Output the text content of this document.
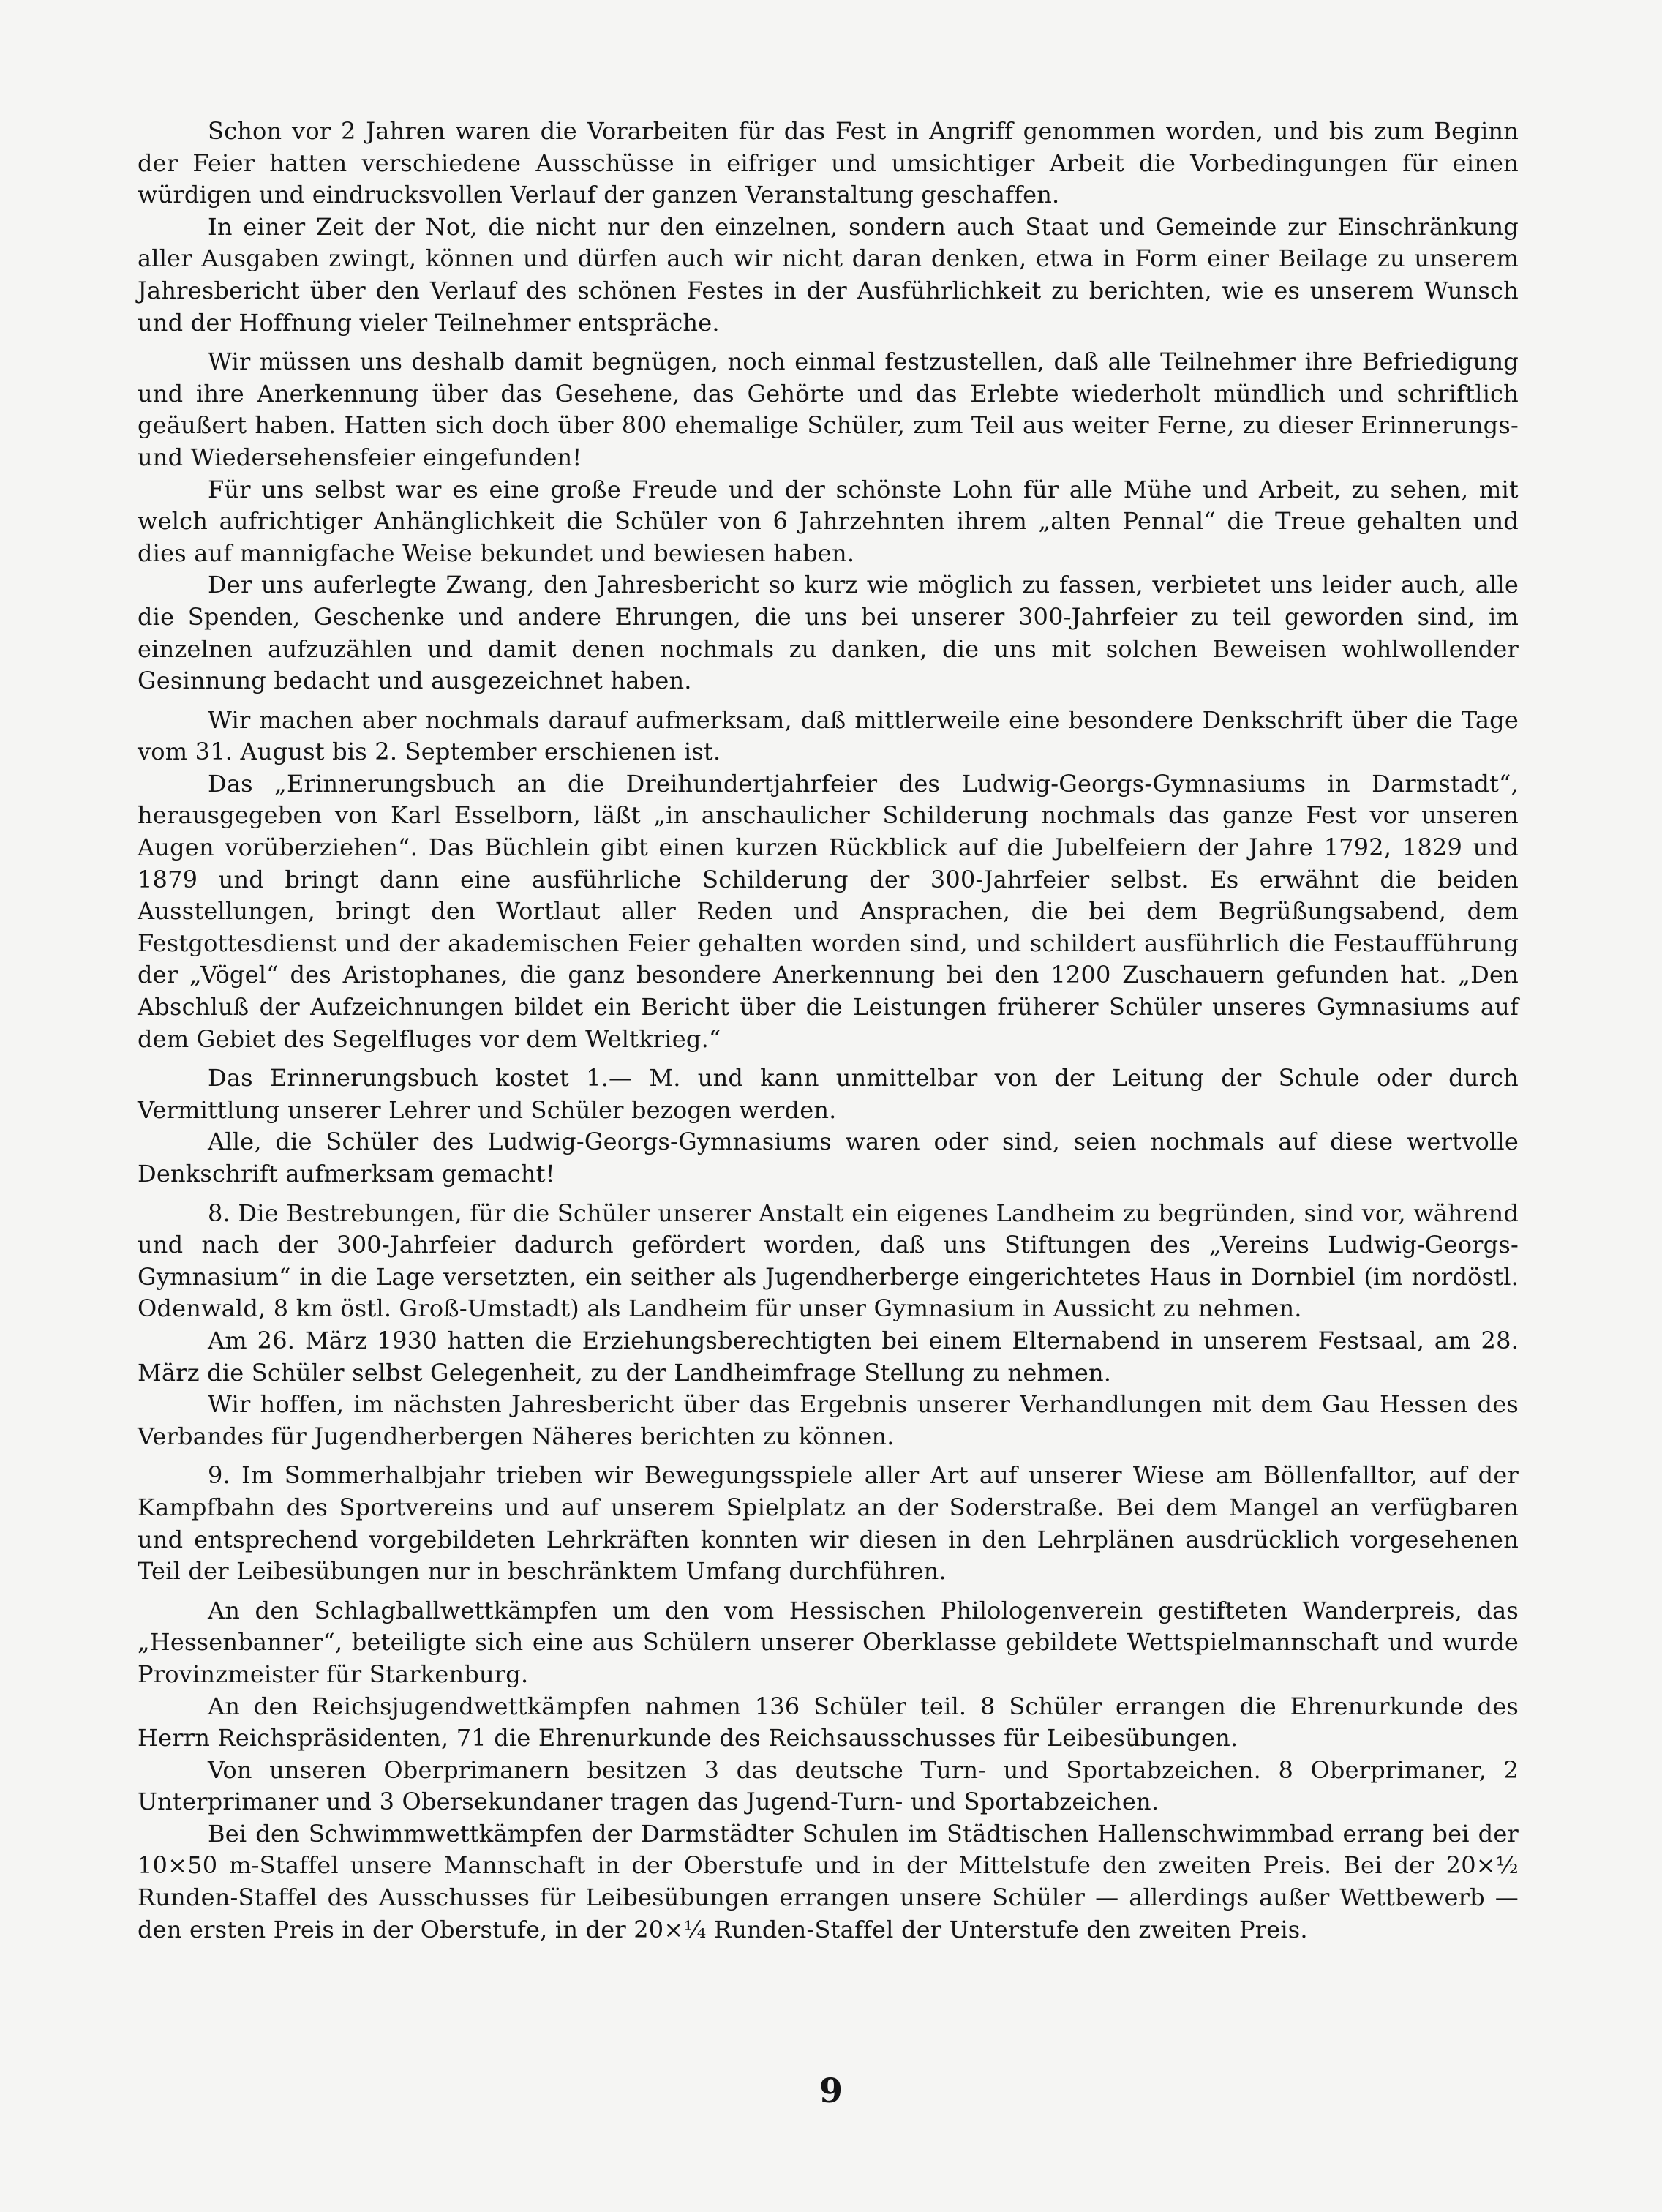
Schon vor 2 Jahren waren die Vorarbeiten für das Fest in Angriff genommen worden, und bis zum Beginn der Feier hatten verschiedene Ausschüsse in eifriger und umsichtiger Arbeit die Vorbedingungen für einen würdigen und eindrucksvollen Verlauf der ganzen Veranstaltung geschaffen.

In einer Zeit der Not, die nicht nur den einzelnen, sondern auch Staat und Gemeinde zur Einschränkung aller Ausgaben zwingt, können und dürfen auch wir nicht daran denken, etwa in Form einer Beilage zu unserem Jahresbericht über den Verlauf des schönen Festes in der Ausführlichkeit zu berichten, wie es unserem Wunsch und der Hoffnung vieler Teilnehmer entspräche.

Wir müssen uns deshalb damit begnügen, noch einmal festzustellen, daß alle Teilnehmer ihre Befriedigung und ihre Anerkennung über das Gesehene, das Gehörte und das Erlebte wiederholt mündlich und schriftlich geäußert haben. Hatten sich doch über 800 ehemalige Schüler, zum Teil aus weiter Ferne, zu dieser Erinnerungs- und Wiedersehensfeier eingefunden!

Für uns selbst war es eine große Freude und der schönste Lohn für alle Mühe und Arbeit, zu sehen, mit welch aufrichtiger Anhänglichkeit die Schüler von 6 Jahrzehnten ihrem „alten Pennal“ die Treue gehalten und dies auf mannigfache Weise bekundet und bewiesen haben.

Der uns auferlegte Zwang, den Jahresbericht so kurz wie möglich zu fassen, verbietet uns leider auch, alle die Spenden, Geschenke und andere Ehrungen, die uns bei unserer 300-Jahrfeier zu teil geworden sind, im einzelnen aufzuzählen und damit denen nochmals zu danken, die uns mit solchen Beweisen wohlwollender Gesinnung bedacht und ausgezeichnet haben.

Wir machen aber nochmals darauf aufmerksam, daß mittlerweile eine besondere Denkschrift über die Tage vom 31. August bis 2. September erschienen ist.

Das „Erinnerungsbuch an die Dreihundertjahrfeier des Ludwig-Georgs-Gymnasiums in Darmstadt“, herausgegeben von Karl Esselborn, läßt „in anschaulicher Schilderung nochmals das ganze Fest vor unseren Augen vorüberziehen“. Das Büchlein gibt einen kurzen Rückblick auf die Jubelfeiern der Jahre 1792, 1829 und 1879 und bringt dann eine ausführliche Schilderung der 300-Jahrfeier selbst. Es erwähnt die beiden Ausstellungen, bringt den Wortlaut aller Reden und Ansprachen, die bei dem Begrüßungsabend, dem Festgottesdienst und der akademischen Feier gehalten worden sind, und schildert ausführlich die Festaufführung der „Vögel“ des Aristophanes, die ganz besondere Anerkennung bei den 1200 Zuschauern gefunden hat. „Den Abschluß der Aufzeichnungen bildet ein Bericht über die Leistungen früherer Schüler unseres Gymnasiums auf dem Gebiet des Segelfluges vor dem Weltkrieg.“

Das Erinnerungsbuch kostet 1.— M. und kann unmittelbar von der Leitung der Schule oder durch Vermittlung unserer Lehrer und Schüler bezogen werden.

Alle, die Schüler des Ludwig-Georgs-Gymnasiums waren oder sind, seien nochmals auf diese wertvolle Denkschrift aufmerksam gemacht!

8. Die Bestrebungen, für die Schüler unserer Anstalt ein eigenes Landheim zu begründen, sind vor, während und nach der 300-Jahrfeier dadurch gefördert worden, daß uns Stiftungen des „Vereins Ludwig-Georgs-Gymnasium“ in die Lage versetzten, ein seither als Jugendherberge eingerichtetes Haus in Dornbiel (im nordöstl. Odenwald, 8 km östl. Groß-Umstadt) als Landheim für unser Gymnasium in Aussicht zu nehmen.

Am 26. März 1930 hatten die Erziehungsberechtigten bei einem Elternabend in unserem Festsaal, am 28. März die Schüler selbst Gelegenheit, zu der Landheimfrage Stellung zu nehmen.

Wir hoffen, im nächsten Jahresbericht über das Ergebnis unserer Verhandlungen mit dem Gau Hessen des Verbandes für Jugendherbergen Näheres berichten zu können.

9. Im Sommerhalbjahr trieben wir Bewegungsspiele aller Art auf unserer Wiese am Böllenfalltor, auf der Kampfbahn des Sportvereins und auf unserem Spielplatz an der Soderstraße. Bei dem Mangel an verfügbaren und entsprechend vorgebildeten Lehrkräften konnten wir diesen in den Lehrplänen ausdrücklich vorgesehenen Teil der Leibesübungen nur in beschränktem Umfang durchführen.

An den Schlagballwettkämpfen um den vom Hessischen Philologenverein gestifteten Wanderpreis, das „Hessenbanner“, beteiligte sich eine aus Schülern unserer Oberklasse gebildete Wettspielmannschaft und wurde Provinzmeister für Starkenburg.

An den Reichsjugendwettkämpfen nahmen 136 Schüler teil. 8 Schüler errangen die Ehrenurkunde des Herrn Reichspräsidenten, 71 die Ehrenurkunde des Reichsausschusses für Leibesübungen.

Von unseren Oberprimanern besitzen 3 das deutsche Turn- und Sportabzeichen. 8 Oberprimaner, 2 Unterprimaner und 3 Obersekundaner tragen das Jugend-Turn- und Sportabzeichen.

Bei den Schwimmwettkämpfen der Darmstädter Schulen im Städtischen Hallenschwimmbad errang bei der 10×50 m-Staffel unsere Mannschaft in der Oberstufe und in der Mittelstufe den zweiten Preis. Bei der 20×½ Runden-Staffel des Ausschusses für Leibesübungen errangen unsere Schüler — allerdings außer Wettbewerb — den ersten Preis in der Oberstufe, in der 20×¼ Runden-Staffel der Unterstufe den zweiten Preis.

9
